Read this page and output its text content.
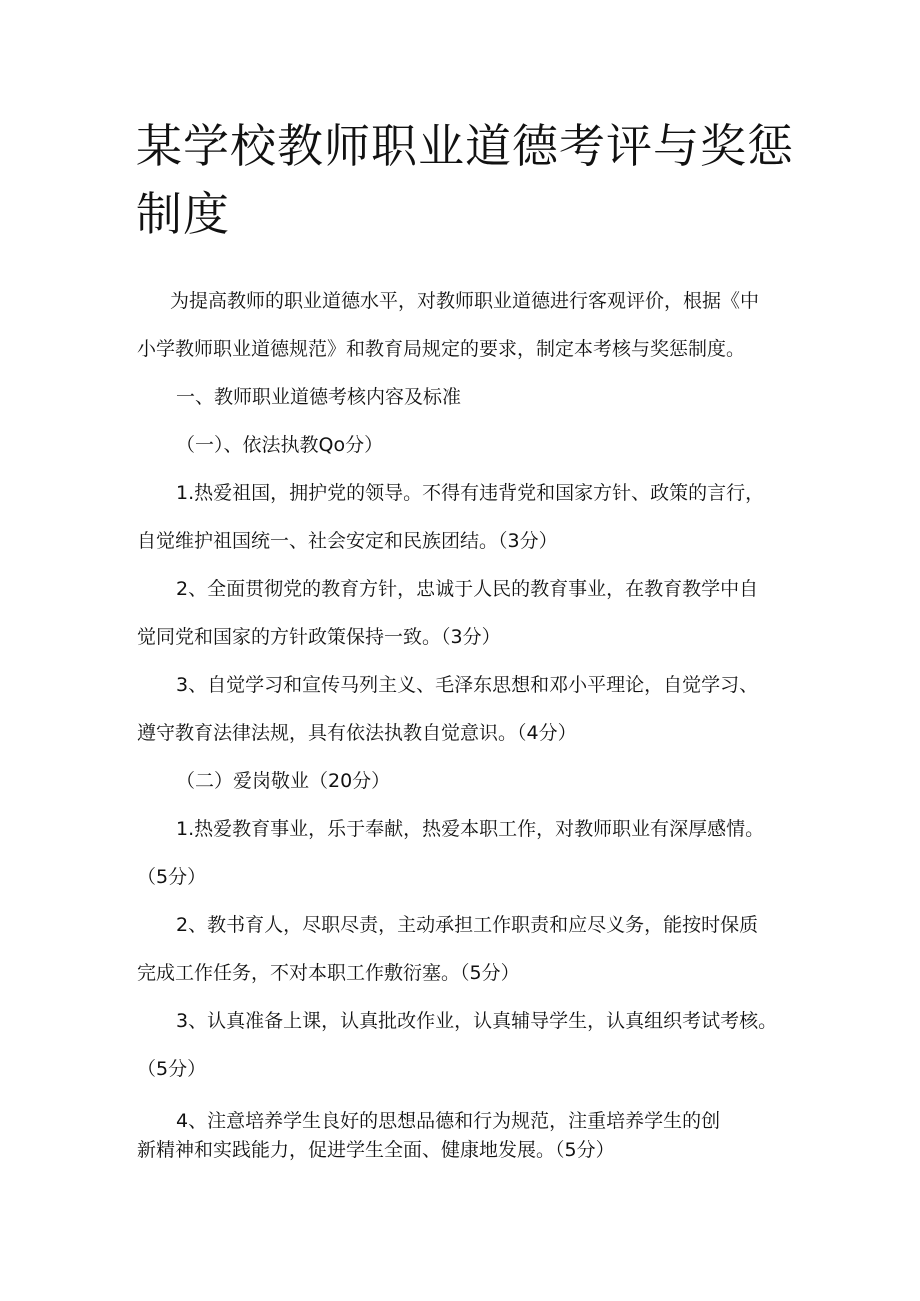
某学校教师职业道德考评与奖惩制度

为提高教师的职业道德水平，对教师职业道德进行客观评价，根据《中

小学教师职业道德规范》和教育局规定的要求，制定本考核与奖惩制度。

一、教师职业道德考核内容及标准

（一）、依法执教Qo分）

1.热爱祖国，拥护党的领导。不得有违背党和国家方针、政策的言行，

自觉维护祖国统一、社会安定和民族团结。（3分）

2、全面贯彻党的教育方针，忠诚于人民的教育事业，在教育教学中自

觉同党和国家的方针政策保持一致。（3分）

3、自觉学习和宣传马列主义、毛泽东思想和邓小平理论，自觉学习、

遵守教育法律法规，具有依法执教自觉意识。（4分）

（二）爱岗敬业（20分）

1.热爱教育事业，乐于奉献，热爱本职工作，对教师职业有深厚感情。

（5分）

2、教书育人，尽职尽责，主动承担工作职责和应尽义务，能按时保质

完成工作任务，不对本职工作敷衍塞。（5分）

3、认真准备上课，认真批改作业，认真辅导学生，认真组织考试考核。

（5分）

4、注意培养学生良好的思想品德和行为规范，注重培养学生的创

新精神和实践能力，促进学生全面、健康地发展。（5分）
